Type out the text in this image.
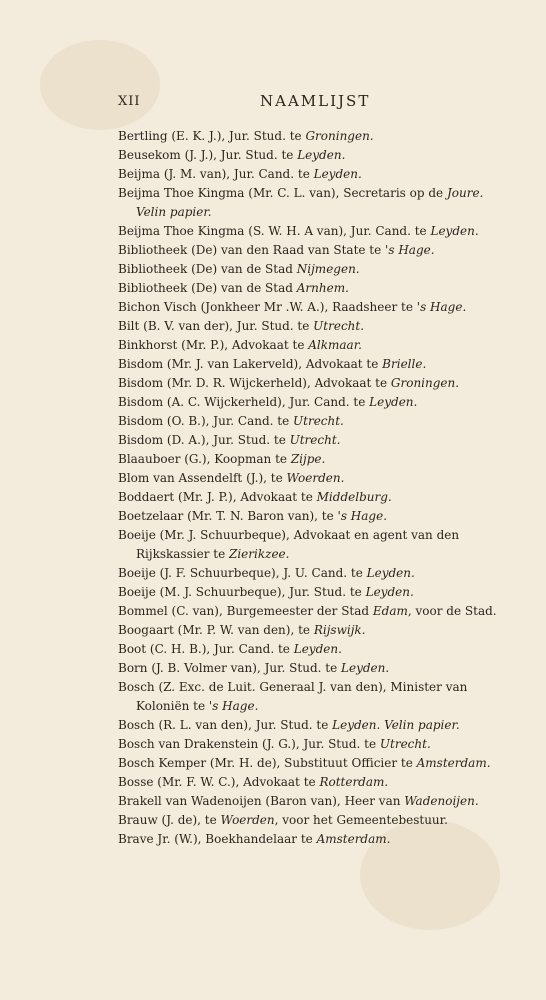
XII	NAAMLIJST
Bertling (E. K. J.), Jur. Stud. te Groningen.
Beusekom (J. J.), Jur. Stud. te Leyden.
Beijma (J. M. van), Jur. Cand. te Leyden.
Beijma Thoe Kingma (Mr. C. L. van), Secretaris op de Joure.
Velin papier.
Beijma Thoe Kingma (S. W. H. A van), Jur. Cand. te Leyden.
Bibliotheek (De) van den Raad van State te 's Hage.
Bibliotheek (De) van de Stad Nijmegen.
Bibliotheek (De) van de Stad Arnhem.
Bichon Visch (Jonkheer Mr .W. A.), Raadsheer te 's Hage.
Bilt (B. V. van der), Jur. Stud. te Utrecht.
Binkhorst (Mr. P.), Advokaat te Alkmaar.
Bisdom (Mr. J. van Lakerveld), Advokaat te Brielle.
Bisdom (Mr. D. R. Wijckerheld), Advokaat te Groningen.
Bisdom (A. C. Wijckerheld), Jur. Cand. te Leyden.
Bisdom (O. B.), Jur. Cand. te Utrecht.
Bisdom (D. A.), Jur. Stud. te Utrecht.
Blaauboer (G.), Koopman te Zijpe.
Blom van Assendelft (J.), te Woerden.
Boddaert (Mr. J. P.), Advokaat te Middelburg.
Boetzelaar (Mr. T. N. Baron van), te 's Hage.
Boeije (Mr. J. Schuurbeque), Advokaat en agent van den
Rijkskassier te Zierikzee.
Boeije (J. F. Schuurbeque), J. U. Cand. te Leyden.
Boeije (M. J. Schuurbeque), Jur. Stud. te Leyden.
Bommel (C. van), Burgemeester der Stad Edam, voor de Stad.
Boogaart (Mr. P. W. van den), te Rijswijk.
Boot (C. H. B.), Jur. Cand. te Leyden.
Born (J. B. Volmer van), Jur. Stud. te Leyden.
Bosch (Z. Exc. de Luit. Generaal J. van den), Minister van
Koloniën te 's Hage.
Bosch (R. L. van den), Jur. Stud. te Leyden. Velin papier.
Bosch van Drakenstein (J. G.), Jur. Stud. te Utrecht.
Bosch Kemper (Mr. H. de), Substituut Officier te Amsterdam.
Bosse (Mr. F. W. C.), Advokaat te Rotterdam.
Brakell van Wadenoijen (Baron van), Heer van Wadenoijen.
Brauw (J. de), te Woerden, voor het Gemeentebestuur.
Brave Jr. (W.), Boekhandelaar te Amsterdam.
